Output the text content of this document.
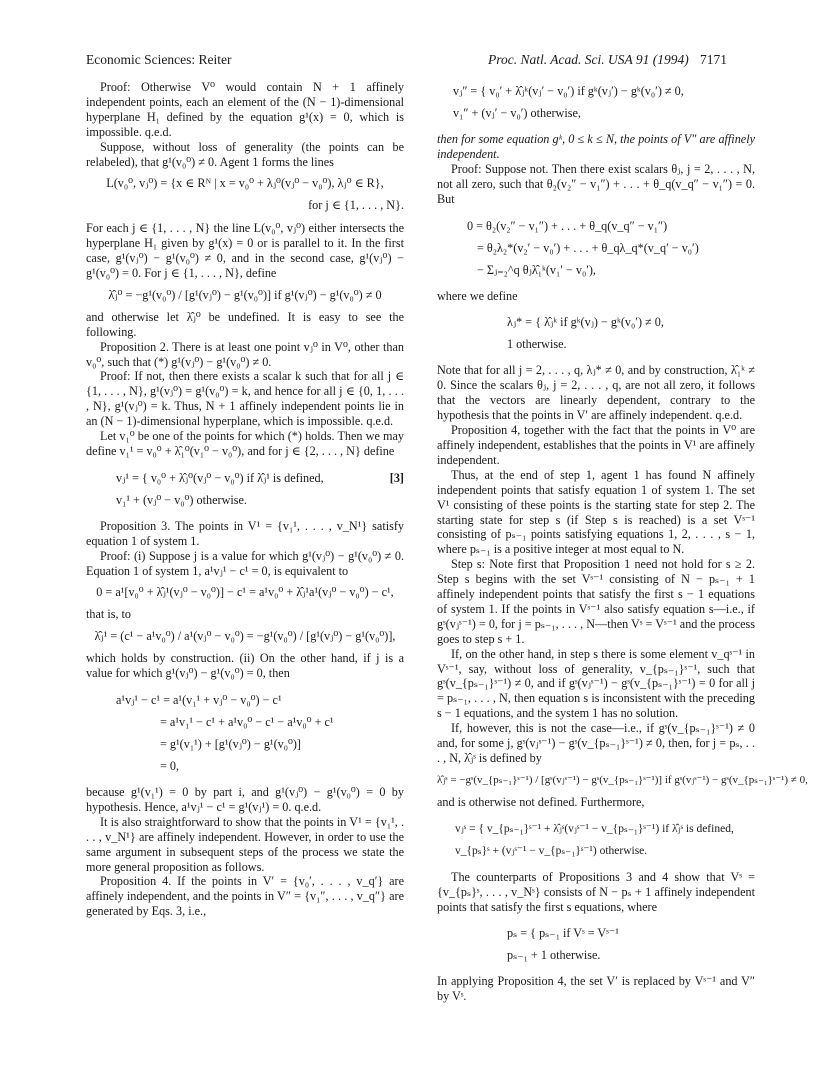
Economic Sciences: Reiter	Proc. Natl. Acad. Sci. USA 91 (1994) 7171

Proof: Otherwise V⁰ would contain N + 1 affinely independent points, each an element of the (N − 1)-dimensional hyperplane H₁ defined by the equation g¹(x) = 0, which is impossible. q.e.d.

Suppose, without loss of generality (the points can be relabeled), that g¹(v₀⁰) ≠ 0. Agent 1 forms the lines

L(v₀⁰, vⱼ⁰) = {x ∈ Rᴺ | x = v₀⁰ + λⱼ⁰(vⱼ⁰ − v₀⁰), λⱼ⁰ ∈ R},
for j ∈ {1, . . . , N}.

For each j ∈ {1, . . . , N} the line L(v₀⁰, vⱼ⁰) either intersects the hyperplane H₁ given by g¹(x) = 0 or is parallel to it. In the first case, g¹(vⱼ⁰) − g¹(v₀⁰) ≠ 0, and in the second case, g¹(vⱼ⁰) − g¹(v₀⁰) = 0. For j ∈ {1, . . . , N}, define

λ̂ⱼ⁰ = −g¹(v₀⁰) / [g¹(vⱼ⁰) − g¹(v₀⁰)] if g¹(vⱼ⁰) − g¹(v₀⁰) ≠ 0

and otherwise let λ̂ⱼ⁰ be undefined. It is easy to see the following.

Proposition 2. There is at least one point vⱼ⁰ in V⁰, other than v₀⁰, such that (*) g¹(vⱼ⁰) − g¹(v₀⁰) ≠ 0.

Proof: If not, then there exists a scalar k such that for all j ∈ {1, . . . , N}, g¹(vⱼ⁰) = g¹(v₀⁰) = k, and hence for all j ∈ {0, 1, . . . , N}, g¹(vⱼ⁰) = k. Thus, N + 1 affinely independent points lie in an (N − 1)-dimensional hyperplane, which is impossible. q.e.d.

Let v₁⁰ be one of the points for which (*) holds. Then we may define v₁¹ = v₀⁰ + λ̂₁⁰(v₁⁰ − v₀⁰), and for j ∈ {2, . . . , N} define

[3]
vⱼ¹ = { v₀⁰ + λ̂ⱼ⁰(vⱼ⁰ − v₀⁰) if λ̂ⱼ¹ is defined,
v₁¹ + (vⱼ⁰ − v₀⁰) otherwise.

Proposition 3. The points in V¹ = {v₁¹, . . . , v_N¹} satisfy equation 1 of system 1.

Proof: (i) Suppose j is a value for which g¹(vⱼ⁰) − g¹(v₀⁰) ≠ 0. Equation 1 of system 1, a¹vⱼ¹ − c¹ = 0, is equivalent to

0 = a¹[v₀⁰ + λ̂ⱼ¹(vⱼ⁰ − v₀⁰)] − c¹ = a¹v₀⁰ + λ̂ⱼ¹a¹(vⱼ⁰ − v₀⁰) − c¹,

that is, to

λ̂ⱼ¹ = (c¹ − a¹v₀⁰) / a¹(vⱼ⁰ − v₀⁰) = −g¹(v₀⁰) / [g¹(vⱼ⁰) − g¹(v₀⁰)],

which holds by construction. (ii) On the other hand, if j is a value for which g¹(vⱼ⁰) − g¹(v₀⁰) = 0, then

a¹vⱼ¹ − c¹ = a¹(v₁¹ + vⱼ⁰ − v₀⁰) − c¹
= a¹v₁¹ − c¹ + a¹v₀⁰ − c¹ − a¹v₀⁰ + c¹
= g¹(v₁¹) + [g¹(vⱼ⁰) − g¹(v₀⁰)]
= 0,

because g¹(v₁¹) = 0 by part i, and g¹(vⱼ⁰) − g¹(v₀⁰) = 0 by hypothesis. Hence, a¹vⱼ¹ − c¹ = g¹(vⱼ¹) = 0. q.e.d.

It is also straightforward to show that the points in V¹ = {v₁¹, . . . , v_N¹} are affinely independent. However, in order to use the same argument in subsequent steps of the process we state the more general proposition as follows.

Proposition 4. If the points in V′ = {v₀′, . . . , v_q′} are affinely independent, and the points in V″ = {v₁″, . . . , v_q″} are generated by Eqs. 3, i.e.,

vⱼ″ = { v₀′ + λ̂ⱼᵏ(vⱼ′ − v₀′) if gᵏ(vⱼ′) − gᵏ(v₀′) ≠ 0,
v₁″ + (vⱼ′ − v₀′) otherwise,

then for some equation gᵏ, 0 ≤ k ≤ N, the points of V″ are affinely independent.

Proof: Suppose not. Then there exist scalars θⱼ, j = 2, . . . , N, not all zero, such that θ₂(v₂″ − v₁″) + . . . + θ_q(v_q″ − v₁″) = 0. But

0 = θ₂(v₂″ − v₁″) + . . . + θ_q(v_q″ − v₁″)
= θ₂λ₂*(v₂′ − v₀′) + . . . + θ_qλ_q*(v_q′ − v₀′)
− Σⱼ₌₂^q θⱼλ̂₁ᵏ(v₁′ − v₀′),

where we define

λⱼ* = { λ̂ⱼᵏ if gᵏ(vⱼ) − gᵏ(v₀′) ≠ 0,
1 otherwise.

Note that for all j = 2, . . . , q, λⱼ* ≠ 0, and by construction, λ̂₁ᵏ ≠ 0. Since the scalars θⱼ, j = 2, . . . , q, are not all zero, it follows that the vectors are linearly dependent, contrary to the hypothesis that the points in V′ are affinely independent. q.e.d.

Proposition 4, together with the fact that the points in V⁰ are affinely independent, establishes that the points in V¹ are affinely independent.

Thus, at the end of step 1, agent 1 has found N affinely independent points that satisfy equation 1 of system 1. The set V¹ consisting of these points is the starting state for step 2. The starting state for step s (if Step s is reached) is a set Vˢ⁻¹ consisting of pₛ₋₁ points satisfying equations 1, 2, . . . , s − 1, where pₛ₋₁ is a positive integer at most equal to N.

Step s: Note first that Proposition 1 need not hold for s ≥ 2. Step s begins with the set Vˢ⁻¹ consisting of N − pₛ₋₁ + 1 affinely independent points that satisfy the first s − 1 equations of system 1. If the points in Vˢ⁻¹ also satisfy equation s—i.e., if gˢ(vⱼˢ⁻¹) = 0, for j = pₛ₋₁, . . . , N—then Vˢ = Vˢ⁻¹ and the process goes to step s + 1.

If, on the other hand, in step s there is some element v_qˢ⁻¹ in Vˢ⁻¹, say, without loss of generality, v_{pₛ₋₁}ˢ⁻¹, such that gˢ(v_{pₛ₋₁}ˢ⁻¹) ≠ 0, and if gˢ(vⱼˢ⁻¹) − gˢ(v_{pₛ₋₁}ˢ⁻¹) = 0 for all j = pₛ₋₁, . . . , N, then equation s is inconsistent with the preceding s − 1 equations, and the system 1 has no solution.

If, however, this is not the case—i.e., if gˢ(v_{pₛ₋₁}ˢ⁻¹) ≠ 0 and, for some j, gˢ(vⱼˢ⁻¹) − gˢ(v_{pₛ₋₁}ˢ⁻¹) ≠ 0, then, for j = pₛ, . . . , N, λ̂ⱼˢ is defined by

λ̂ⱼˢ = −gˢ(v_{pₛ₋₁}ˢ⁻¹) / [gˢ(vⱼˢ⁻¹) − gˢ(v_{pₛ₋₁}ˢ⁻¹)] if gˢ(vⱼˢ⁻¹) − gˢ(v_{pₛ₋₁}ˢ⁻¹) ≠ 0,

and is otherwise not defined. Furthermore,

vⱼˢ = { v_{pₛ₋₁}ˢ⁻¹ + λ̂ⱼˢ(vⱼˢ⁻¹ − v_{pₛ₋₁}ˢ⁻¹) if λ̂ⱼˢ is defined,
v_{pₛ}ˢ + (vⱼˢ⁻¹ − v_{pₛ₋₁}ˢ⁻¹) otherwise.

The counterparts of Propositions 3 and 4 show that Vˢ = {v_{pₛ}ˢ, . . . , v_Nˢ} consists of N − pₛ + 1 affinely independent points that satisfy the first s equations, where

pₛ = { pₛ₋₁ if Vˢ = Vˢ⁻¹
pₛ₋₁ + 1 otherwise.

In applying Proposition 4, the set V′ is replaced by Vˢ⁻¹ and V″ by Vˢ.
